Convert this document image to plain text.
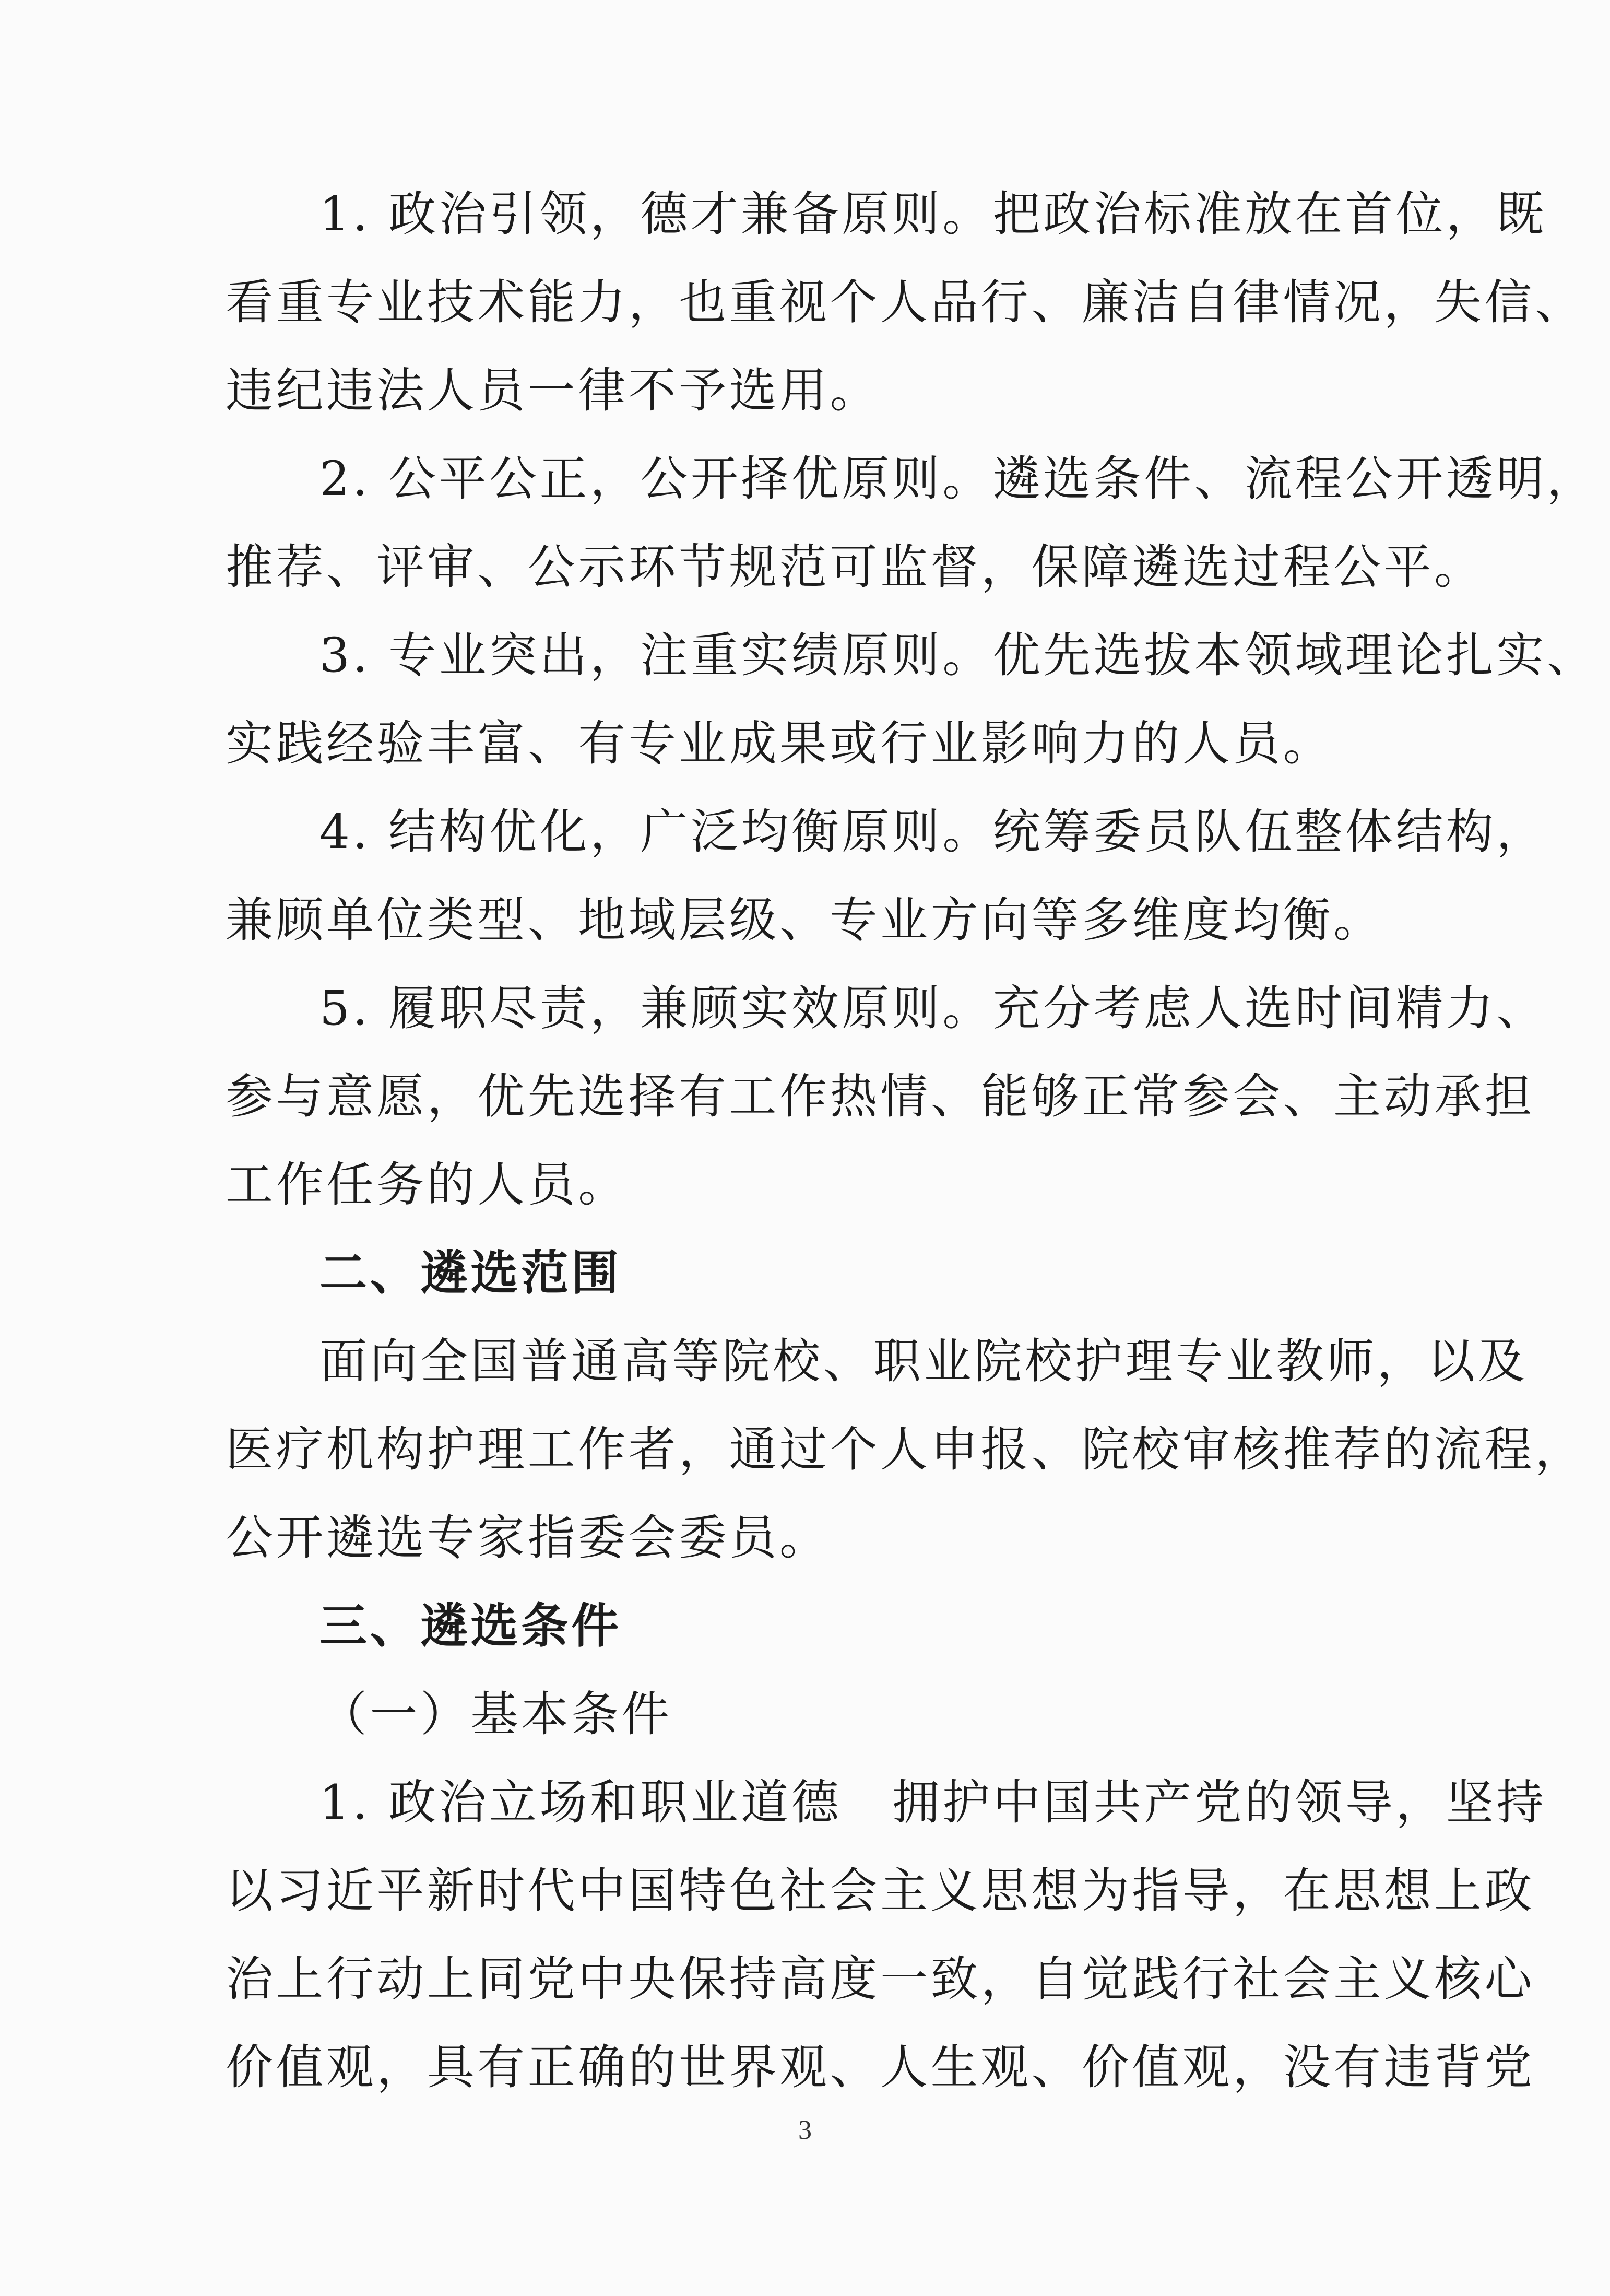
1. 政治引领，德才兼备原则。把政治标准放在首位，既
看重专业技术能力，也重视个人品行、廉洁自律情况，失信、
违纪违法人员一律不予选用。
2. 公平公正，公开择优原则。遴选条件、流程公开透明，
推荐、评审、公示环节规范可监督，保障遴选过程公平。
3. 专业突出，注重实绩原则。优先选拔本领域理论扎实、
实践经验丰富、有专业成果或行业影响力的人员。
4. 结构优化，广泛均衡原则。统筹委员队伍整体结构，
兼顾单位类型、地域层级、专业方向等多维度均衡。
5. 履职尽责，兼顾实效原则。充分考虑人选时间精力、
参与意愿，优先选择有工作热情、能够正常参会、主动承担
工作任务的人员。
二、遴选范围
面向全国普通高等院校、职业院校护理专业教师，以及
医疗机构护理工作者，通过个人申报、院校审核推荐的流程，
公开遴选专家指委会委员。
三、遴选条件
（一）基本条件
1. 政治立场和职业道德　拥护中国共产党的领导，坚持
以习近平新时代中国特色社会主义思想为指导，在思想上政
治上行动上同党中央保持高度一致，自觉践行社会主义核心
价值观，具有正确的世界观、人生观、价值观，没有违背党
3
